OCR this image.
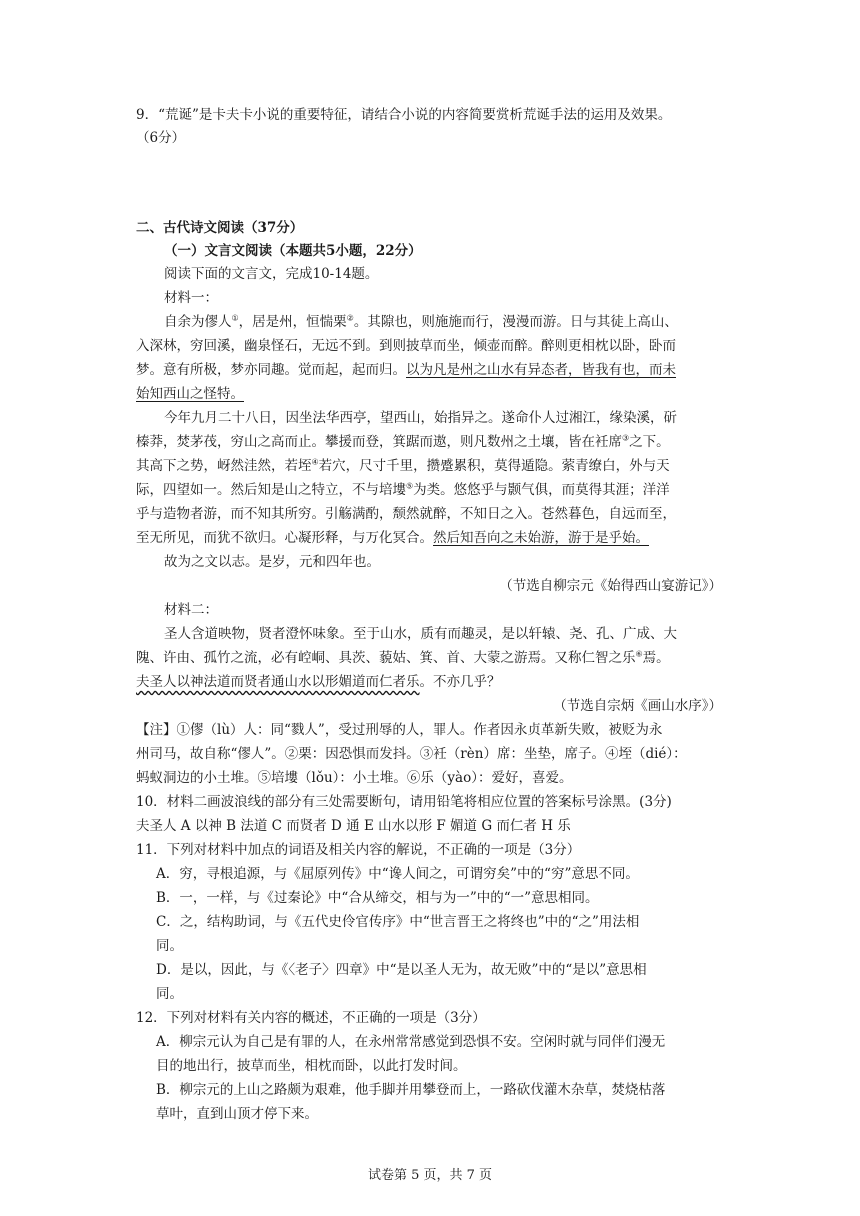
9．“荒诞”是卡夫卡小说的重要特征，请结合小说的内容简要赏析荒诞手法的运用及效果。
（6分）
二、古代诗文阅读（37分）
（一）文言文阅读（本题共5小题，22分）
阅读下面的文言文，完成10-14题。
材料一：
自余为僇人①，居是州，恒惴栗②。其隙也，则施施而行，漫漫而游。日与其徒上高山、
入深林，穷回溪，幽泉怪石，无远不到。到则披草而坐，倾壶而醉。醉则更相枕以卧，卧而
梦。意有所极，梦亦同趣。觉而起，起而归。以为凡是州之山水有异态者，皆我有也，而未
始知西山之怪特。
今年九月二十八日，因坐法华西亭，望西山，始指异之。遂命仆人过湘江，缘染溪，斫
榛莽，焚茅茷，穷山之高而止。攀援而登，箕踞而遨，则凡数州之土壤，皆在衽席③之下。
其高下之势，岈然洼然，若垤④若穴，尺寸千里，攒蹙累积，莫得遁隐。萦青缭白，外与天
际，四望如一。然后知是山之特立，不与培塿⑤为类。悠悠乎与颢气俱，而莫得其涯；洋洋
乎与造物者游，而不知其所穷。引觞满酌，颓然就醉，不知日之入。苍然暮色，自远而至，
至无所见，而犹不欲归。心凝形释，与万化冥合。然后知吾向之未始游，游于是乎始。
故为之文以志。是岁，元和四年也。
（节选自柳宗元《始得西山宴游记》）
材料二：
圣人含道映物，贤者澄怀味象。至于山水，质有而趣灵，是以轩辕、尧、孔、广成、大
隗、许由、孤竹之流，必有崆峒、具茨、藐姑、箕、首、大蒙之游焉。又称仁智之乐⑥焉。
夫圣人以神法道而贤者通山水以形媚道而仁者乐。不亦几乎？
（节选自宗炳《画山水序》）
【注】①僇（lù）人：同“戮人”，受过刑辱的人，罪人。作者因永贞革新失败，被贬为永
州司马，故自称“僇人”。②栗：因恐惧而发抖。③衽（rèn）席：坐垫，席子。④垤（dié）：
蚂蚁洞边的小土堆。⑤培塿（lǒu）：小土堆。⑥乐（yào）：爱好，喜爱。
10．材料二画波浪线的部分有三处需要断句，请用铅笔将相应位置的答案标号涂黑。(3分)
夫圣人 A 以神 B 法道 C 而贤者 D 通 E 山水以形 F 媚道 G 而仁者 H 乐
11．下列对材料中加点的词语及相关内容的解说，不正确的一项是（3分）
A．穷，寻根追源，与《屈原列传》中“谗人间之，可谓穷矣”中的“穷”意思不同。
B．一，一样，与《过秦论》中“合从缔交，相与为一”中的“一”意思相同。
C．之，结构助词，与《五代史伶官传序》中“世言晋王之将终也”中的“之”用法相
同。
D．是以，因此，与《〈老子〉四章》中“是以圣人无为，故无败”中的“是以”意思相
同。
12．下列对材料有关内容的概述，不正确的一项是（3分）
A．柳宗元认为自己是有罪的人，在永州常常感觉到恐惧不安。空闲时就与同伴们漫无
目的地出行，披草而坐，相枕而卧，以此打发时间。
B．柳宗元的上山之路颇为艰难，他手脚并用攀登而上，一路砍伐灌木杂草，焚烧枯落
草叶，直到山顶才停下来。
试卷第 5 页，共 7 页
